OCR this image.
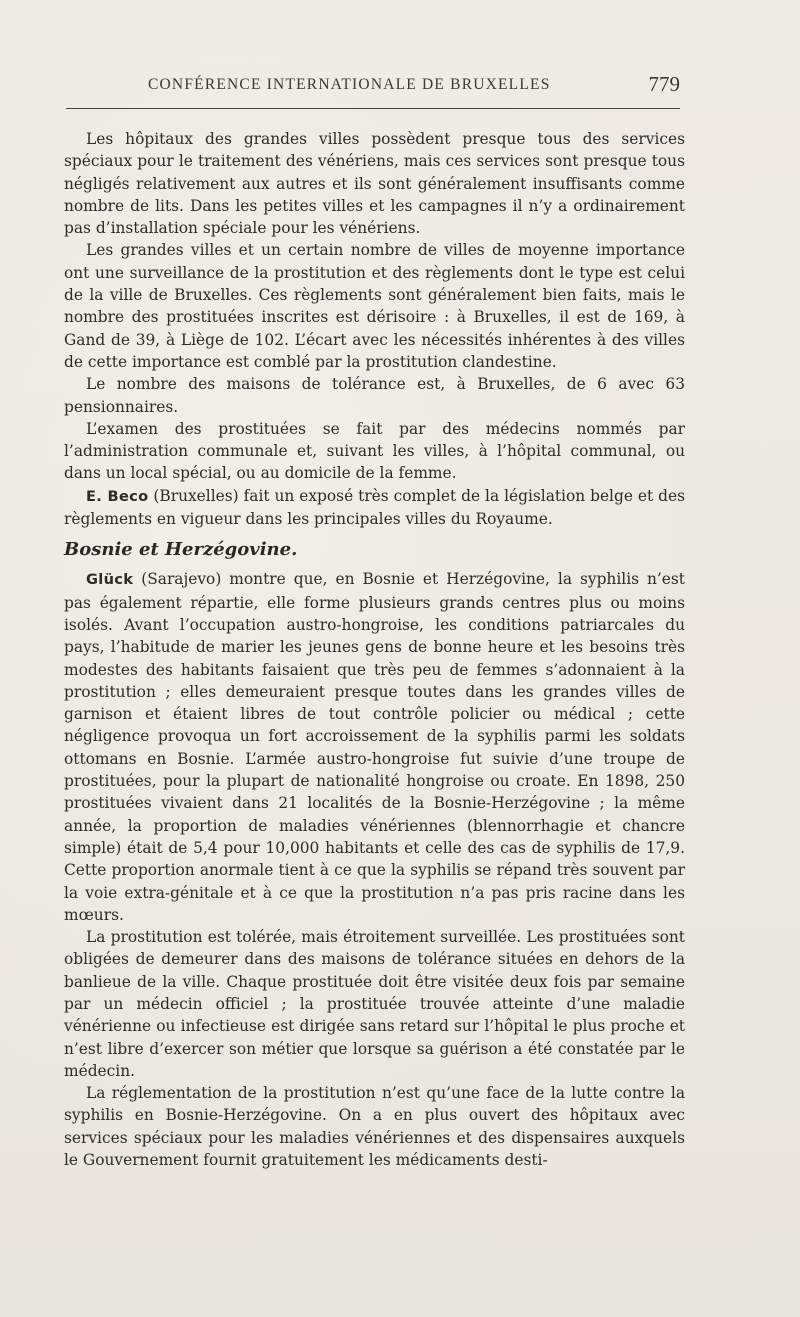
CONFÉRENCE INTERNATIONALE DE BRUXELLES	779

Les hôpitaux des grandes villes possèdent presque tous des services spéciaux pour le traitement des vénériens, mais ces services sont presque tous négligés relativement aux autres et ils sont généralement insuffisants comme nombre de lits. Dans les petites villes et les campagnes il n’y a ordinairement pas d’installation spéciale pour les vénériens.

Les grandes villes et un certain nombre de villes de moyenne importance ont une surveillance de la prostitution et des règlements dont le type est celui de la ville de Bruxelles. Ces règlements sont généralement bien faits, mais le nombre des prostituées inscrites est dérisoire : à Bruxelles, il est de 169, à Gand de 39, à Liège de 102. L’écart avec les nécessités inhérentes à des villes de cette importance est comblé par la prostitution clandestine.

Le nombre des maisons de tolérance est, à Bruxelles, de 6 avec 63 pensionnaires.

L’examen des prostituées se fait par des médecins nommés par l’administration communale et, suivant les villes, à l’hôpital communal, ou dans un local spécial, ou au domicile de la femme.

E. Beco (Bruxelles) fait un exposé très complet de la législation belge et des règlements en vigueur dans les principales villes du Royaume.

Bosnie et Herzégovine.

Glück (Sarajevo) montre que, en Bosnie et Herzégovine, la syphilis n’est pas également répartie, elle forme plusieurs grands centres plus ou moins isolés. Avant l’occupation austro-hongroise, les conditions patriarcales du pays, l’habitude de marier les jeunes gens de bonne heure et les besoins très modestes des habitants faisaient que très peu de femmes s’adonnaient à la prostitution ; elles demeuraient presque toutes dans les grandes villes de garnison et étaient libres de tout contrôle policier ou médical ; cette négligence provoqua un fort accroissement de la syphilis parmi les soldats ottomans en Bosnie. L’armée austro-hongroise fut suivie d’une troupe de prostituées, pour la plupart de nationalité hongroise ou croate. En 1898, 250 prostituées vivaient dans 21 localités de la Bosnie-Herzégovine ; la même année, la proportion de maladies vénériennes (blennorrhagie et chancre simple) était de 5,4 pour 10,000 habitants et celle des cas de syphilis de 17,9. Cette proportion anormale tient à ce que la syphilis se répand très souvent par la voie extra-génitale et à ce que la prostitution n’a pas pris racine dans les mœurs.

La prostitution est tolérée, mais étroitement surveillée. Les prostituées sont obligées de demeurer dans des maisons de tolérance situées en dehors de la banlieue de la ville. Chaque prostituée doit être visitée deux fois par semaine par un médecin officiel ; la prostituée trouvée atteinte d’une maladie vénérienne ou infectieuse est dirigée sans retard sur l’hôpital le plus proche et n’est libre d’exercer son métier que lorsque sa guérison a été constatée par le médecin.

La réglementation de la prostitution n’est qu’une face de la lutte contre la syphilis en Bosnie-Herzégovine. On a en plus ouvert des hôpitaux avec services spéciaux pour les maladies vénériennes et des dispensaires auxquels le Gouvernement fournit gratuitement les médicaments desti-
